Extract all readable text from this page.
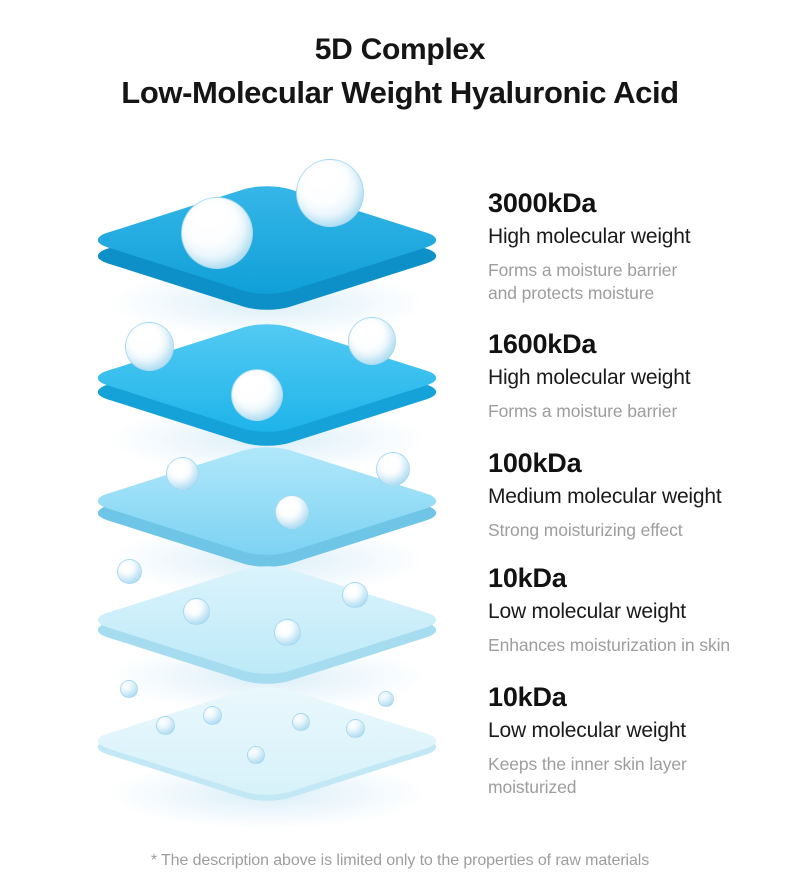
5D Complex
Low-Molecular Weight Hyaluronic Acid
3000kDa
High molecular weight
Forms a moisture barrier
and protects moisture
1600kDa
High molecular weight
Forms a moisture barrier
100kDa
Medium molecular weight
Strong moisturizing effect
10kDa
Low molecular weight
Enhances moisturization in skin
10kDa
Low molecular weight
Keeps the inner skin layer
moisturized
* The description above is limited only to the properties of raw materials
